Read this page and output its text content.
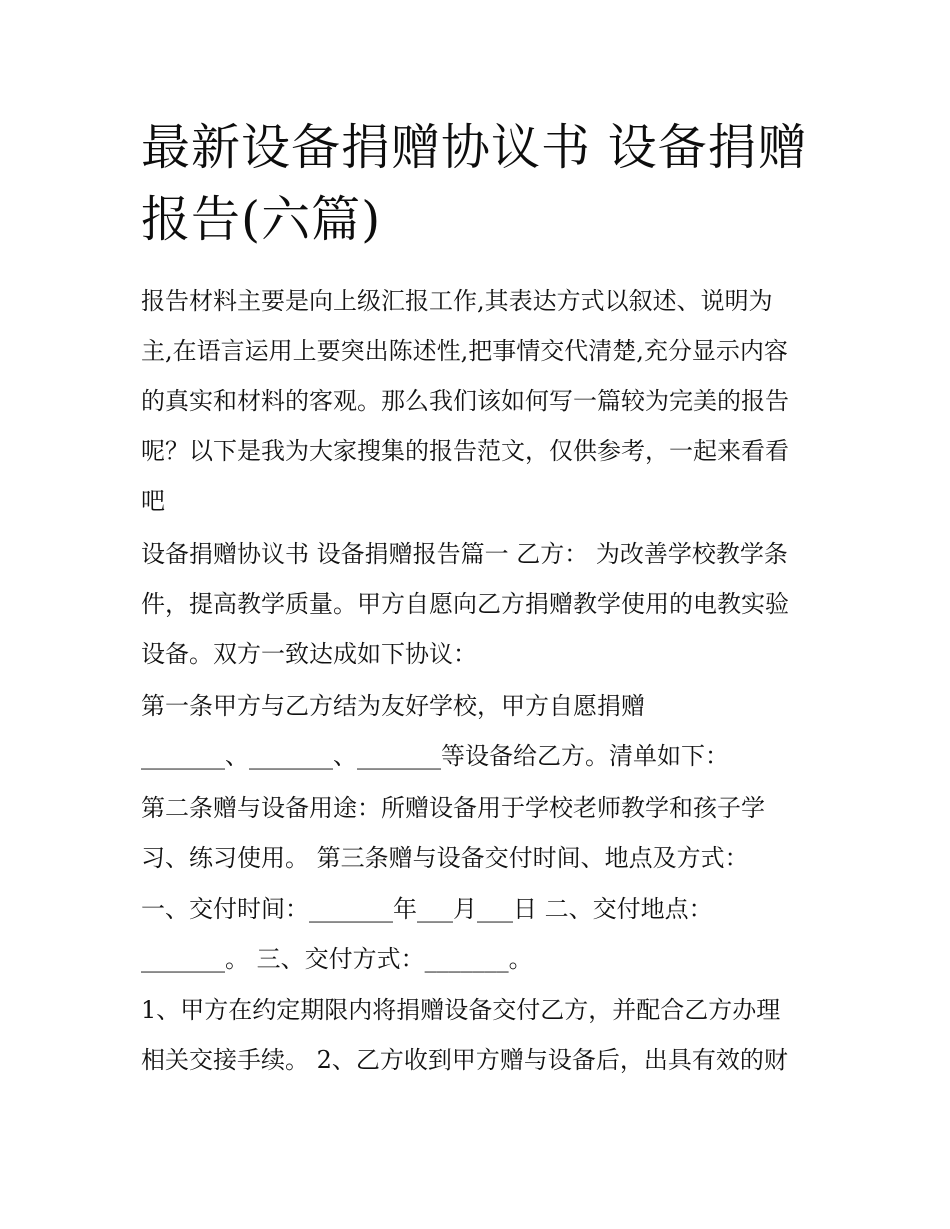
最新设备捐赠协议书 设备捐赠
报告(六篇)
报告材料主要是向上级汇报工作,其表达方式以叙述、说明为
主,在语言运用上要突出陈述性,把事情交代清楚,充分显示内容
的真实和材料的客观。那么我们该如何写一篇较为完美的报告
呢？以下是我为大家搜集的报告范文，仅供参考，一起来看看
吧
设备捐赠协议书 设备捐赠报告篇一 乙方： 为改善学校教学条
件，提高教学质量。甲方自愿向乙方捐赠教学使用的电教实验
设备。双方一致达成如下协议：
第一条甲方与乙方结为友好学校，甲方自愿捐赠
_______、_______、_______等设备给乙方。清单如下：
第二条赠与设备用途：所赠设备用于学校老师教学和孩子学
习、练习使用。 第三条赠与设备交付时间、地点及方式：
一、交付时间：_______年___月___日 二、交付地点：
_______。 三、交付方式：_______。
1、甲方在约定期限内将捐赠设备交付乙方，并配合乙方办理
相关交接手续。 2、乙方收到甲方赠与设备后，出具有效的财
